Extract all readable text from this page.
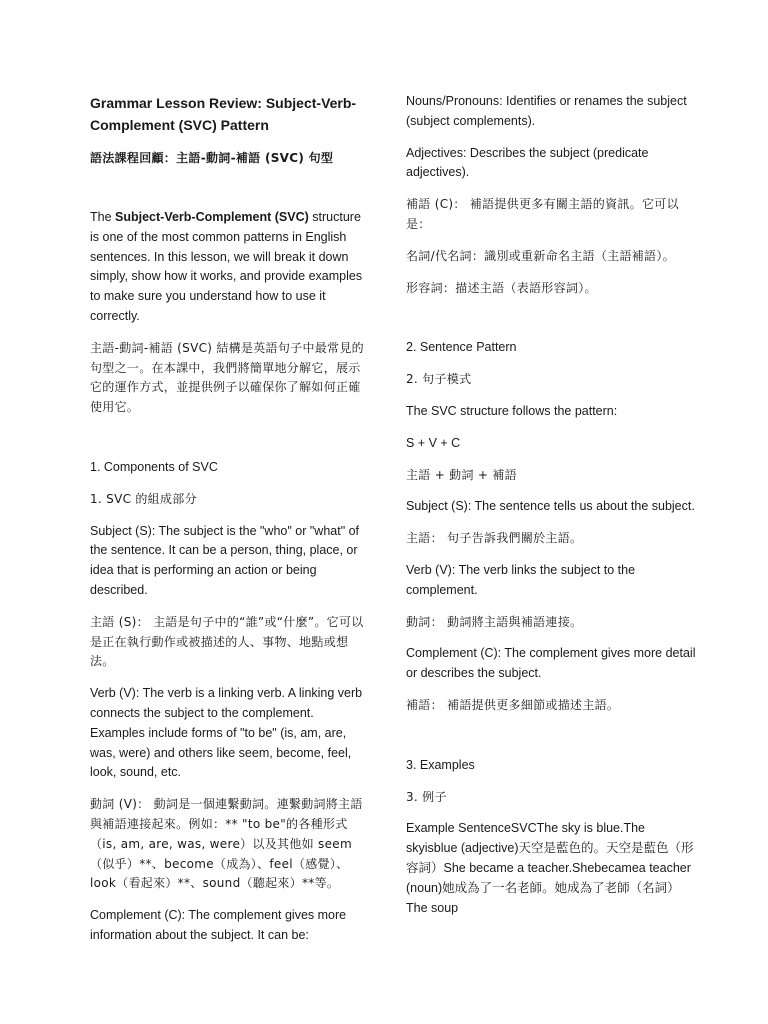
Grammar Lesson Review: Subject-Verb-Complement (SVC) Pattern

語法課程回顧：主語-動詞-補語 (SVC) 句型

The Subject-Verb-Complement (SVC) structure is one of the most common patterns in English sentences. In this lesson, we will break it down simply, show how it works, and provide examples to make sure you understand how to use it correctly.

主語-動詞-補語 (SVC) 結構是英語句子中最常見的句型之一。在本課中，我們將簡單地分解它，展示它的運作方式，並提供例子以確保你了解如何正確使用它。

1. Components of SVC

1. SVC 的組成部分

Subject (S): The subject is the "who" or "what" of the sentence. It can be a person, thing, place, or idea that is performing an action or being described.

主語 (S)： 主語是句子中的“誰”或“什麼”。它可以是正在執行動作或被描述的人、事物、地點或想法。

Verb (V): The verb is a linking verb. A linking verb connects the subject to the complement. Examples include forms of "to be" (is, am, are, was, were) and others like seem, become, feel, look, sound, etc.

動詞 (V)： 動詞是一個連繫動詞。連繫動詞將主語與補語連接起來。例如：** "to be"的各種形式（is, am, are, was, were）以及其他如 seem（似乎）**、become（成為）、feel（感覺）、look（看起來）**、sound（聽起來）**等。

Complement (C): The complement gives more information about the subject. It can be:

Nouns/Pronouns: Identifies or renames the subject (subject complements).

Adjectives: Describes the subject (predicate adjectives).

補語 (C)： 補語提供更多有關主語的資訊。它可以是：

名詞/代名詞：識別或重新命名主語（主語補語）。

形容詞：描述主語（表語形容詞）。

2. Sentence Pattern

2. 句子模式

The SVC structure follows the pattern:

S + V + C

主語 + 動詞 + 補語

Subject (S): The sentence tells us about the subject.

主語： 句子告訴我們關於主語。

Verb (V): The verb links the subject to the complement.

動詞： 動詞將主語與補語連接。

Complement (C): The complement gives more detail or describes the subject.

補語： 補語提供更多細節或描述主語。

3. Examples

3. 例子

Example SentenceSVCThe sky is blue.The skyisblue (adjective)天空是藍色的。天空是藍色（形容詞）She became a teacher.Shebecamea teacher (noun)她成為了一名老師。她成為了老師（名詞）The soup
